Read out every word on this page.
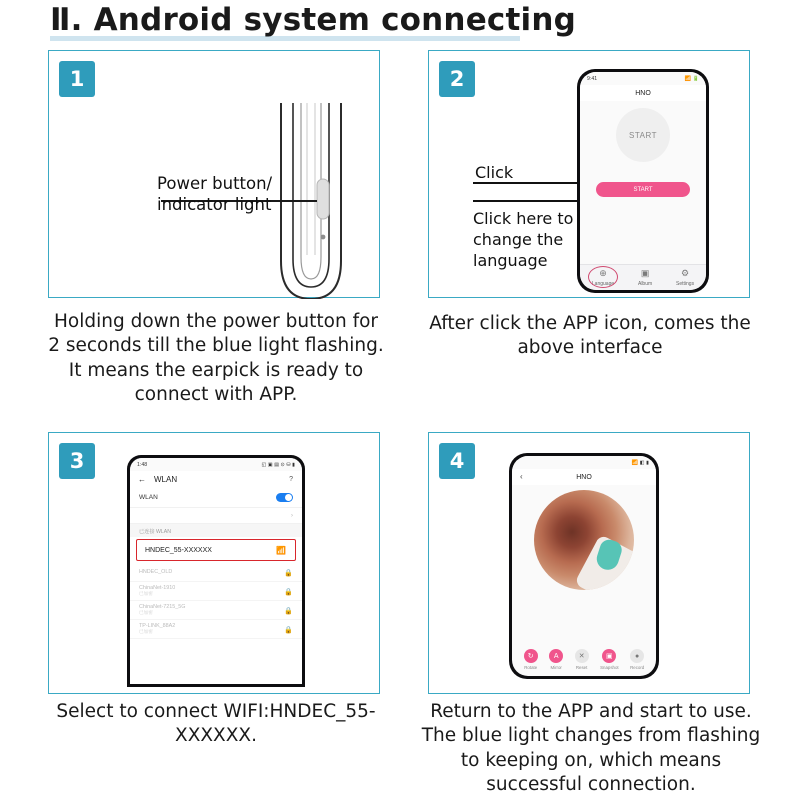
Ⅱ. Android system connecting
1
Power button/
indicator light
Holding down the power button for 2 seconds till the blue light flashing. It means the earpick is ready to connect with APP.
2
Click
Click here to change the language
9:41	📶 🔋
HNO
START
START
⊕
Language
▣
Album
⚙
Settings
After click the APP icon, comes the above interface
3	1:48	◱ ▣ ▤ ⊙ ⛁ ▮
← WLAN	?
WLAN
›
已连接 WLAN
HNDEC_55-XXXXXX	📶
HNDEC_OLD	🔒
ChinaNet-1910
已加密	🔒
ChinaNet-7215_5G
已加密	🔒
TP-LINK_88A2
已加密	🔒
Select to connect WIFI:HNDEC_55-XXXXXX.
4	📶 ◧ ▮
‹	HNO
↻
Rotate
A
Mirror
✕
Reset
▣
Snapshot
●
Record
Return to the APP and start to use. The blue light changes from flashing to keeping on, which means successful connection.
